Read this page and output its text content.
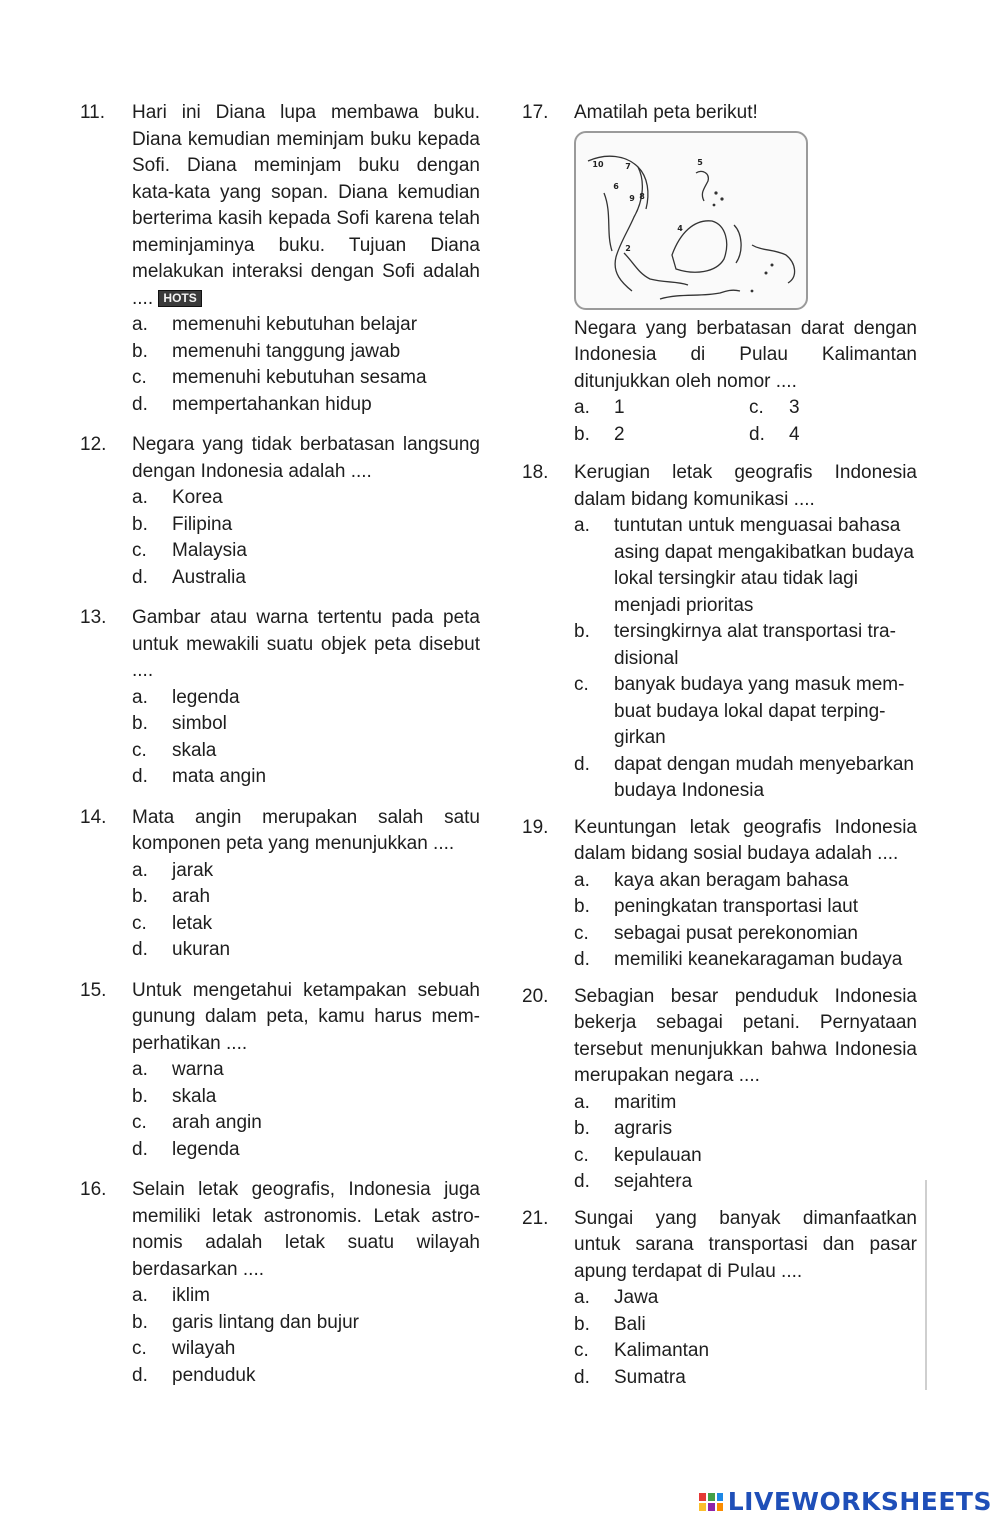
11. Hari ini Diana lupa membawa buku. Diana kemudian meminjam buku kepada Sofi. Diana meminjam buku dengan kata-kata yang sopan. Diana kemudian berterima kasih kepada Sofi karena telah meminjaminya buku. Tujuan Diana melakukan interaksi dengan Sofi adalah .... HOTS
a. memenuhi kebutuhan belajar
b. memenuhi tanggung jawab
c. memenuhi kebutuhan sesama
d. mempertahankan hidup
12. Negara yang tidak berbatasan langsung dengan Indonesia adalah ....
a. Korea
b. Filipina
c. Malaysia
d. Australia
13. Gambar atau warna tertentu pada peta untuk mewakili suatu objek peta disebut ....
a. legenda
b. simbol
c. skala
d. mata angin
14. Mata angin merupakan salah satu komponen peta yang menunjukkan ....
a. jarak
b. arah
c. letak
d. ukuran
15. Untuk mengetahui ketampakan sebuah gunung dalam peta, kamu harus mem-perhatikan ....
a. warna
b. skala
c. arah angin
d. legenda
16. Selain letak geografis, Indonesia juga memiliki letak astronomis. Letak astro-nomis adalah letak suatu wilayah berdasarkan ....
a. iklim
b. garis lintang dan bujur
c. wilayah
d. penduduk
17. Amatilah peta berikut!
10	7
6
9 8
5
4
2
Negara yang berbatasan darat dengan Indonesia di Pulau Kalimantan ditunjukkan oleh nomor ....
a. 1	c. 3
b. 2	d. 4
18. Kerugian letak geografis Indonesia dalam bidang komunikasi ....
a. tuntutan untuk menguasai bahasa asing dapat mengakibatkan budaya lokal tersingkir atau tidak lagi menjadi prioritas
b. tersingkirnya alat transportasi tra-disional
c. banyak budaya yang masuk mem-buat budaya lokal dapat terping-girkan
d. dapat dengan mudah menyebarkan budaya Indonesia
19. Keuntungan letak geografis Indonesia dalam bidang sosial budaya adalah ....
a. kaya akan beragam bahasa
b. peningkatan transportasi laut
c. sebagai pusat perekonomian
d. memiliki keanekaragaman budaya
20. Sebagian besar penduduk Indonesia bekerja sebagai petani. Pernyataan tersebut menunjukkan bahwa Indonesia merupakan negara ....
a. maritim
b. agraris
c. kepulauan
d. sejahtera
21. Sungai yang banyak dimanfaatkan untuk sarana transportasi dan pasar apung terdapat di Pulau ....
a. Jawa
b. Bali
c. Kalimantan
d. Sumatra
LIVEWORKSHEETS
